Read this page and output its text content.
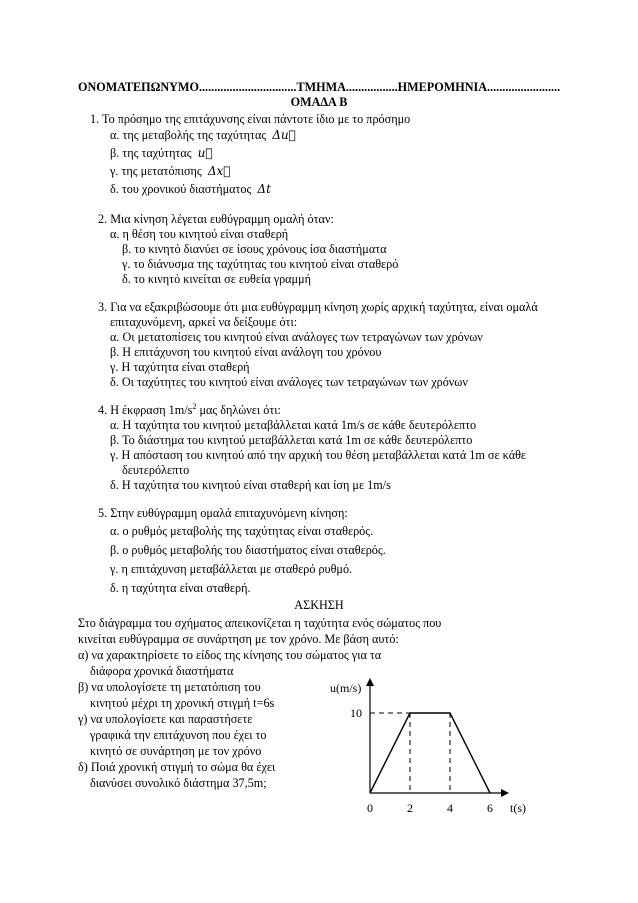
ΟΝΟΜΑΤΕΠΩΝΥΜΟ................................ΤΜΗΜΑ.................ΗΜΕΡΟΜΗΝΙΑ........................
ΟΜΑΔΑ Β
1. Το πρόσημο της επιτάχυνσης είναι πάντοτε ίδιο με το πρόσημο
α. της μεταβολής της ταχύτητας Δu⃗
β. της ταχύτητας u⃗
γ. της μετατόπισης Δx⃗
δ. του χρονικού διαστήματος Δt
2. Μια κίνηση λέγεται ευθύγραμμη ομαλή όταν:
α. η θέση του κινητού είναι σταθερή
β. το κινητό διανύει σε ίσους χρόνους ίσα διαστήματα
γ. το διάνυσμα της ταχύτητας του κινητού είναι σταθερό
δ. το κινητό κινείται σε ευθεία γραμμή
3. Για να εξακριβώσουμε ότι μια ευθύγραμμη κίνηση χωρίς αρχική ταχύτητα, είναι ομαλά
επιταχυνόμενη, αρκεί να δείξουμε ότι:
α. Οι μετατοπίσεις του κινητού είναι ανάλογες των τετραγώνων των χρόνων
β. Η επιτάχυνση του κινητού είναι ανάλογη του χρόνου
γ. Η ταχύτητα είναι σταθερή
δ. Οι ταχύτητες του κινητού είναι ανάλογες των τετραγώνων των χρόνων
4. Η έκφραση $1m/s^2$ μας δηλώνει ότι:
α. Η ταχύτητα του κινητού μεταβάλλεται κατά 1m/s σε κάθε δευτερόλεπτο
β. Το διάστημα του κινητού μεταβάλλεται κατά 1m σε κάθε δευτερόλεπτο
γ. Η απόσταση του κινητού από την αρχική του θέση μεταβάλλεται κατά 1m σε κάθε
δευτερόλεπτο
δ. Η ταχύτητα του κινητού είναι σταθερή και ίση με 1m/s
5. Στην ευθύγραμμη ομαλά επιταχυνόμενη κίνηση:
α. ο ρυθμός μεταβολής της ταχύτητας είναι σταθερός.
β. ο ρυθμός μεταβολής του διαστήματος είναι σταθερός.
γ. η επιτάχυνση μεταβάλλεται με σταθερό ρυθμό.
δ. η ταχύτητα είναι σταθερή.
ΑΣΚΗΣΗ
Στο διάγραμμα του σχήματος απεικονίζεται η ταχύτητα ενός σώματος που
κινείται ευθύγραμμα σε συνάρτηση με τον χρόνο. Με βάση αυτό:
α) να χαρακτηρίσετε το είδος της κίνησης του σώματος για τα
διάφορα χρονικά διαστήματα
β) να υπολογίσετε τη μετατόπιση του
κινητού μέχρι τη χρονική στιγμή t=6s
γ) να υπολογίσετε και παραστήσετε
γραφικά την επιτάχυνση που έχει το
κινητό σε συνάρτηση με τον χρόνο
δ) Ποιά χρονική στιγμή το σώμα θα έχει
διανύσει συνολικό διάστημα 37,5m;
u(m/s)
t(s)
0	2	4	6
10
